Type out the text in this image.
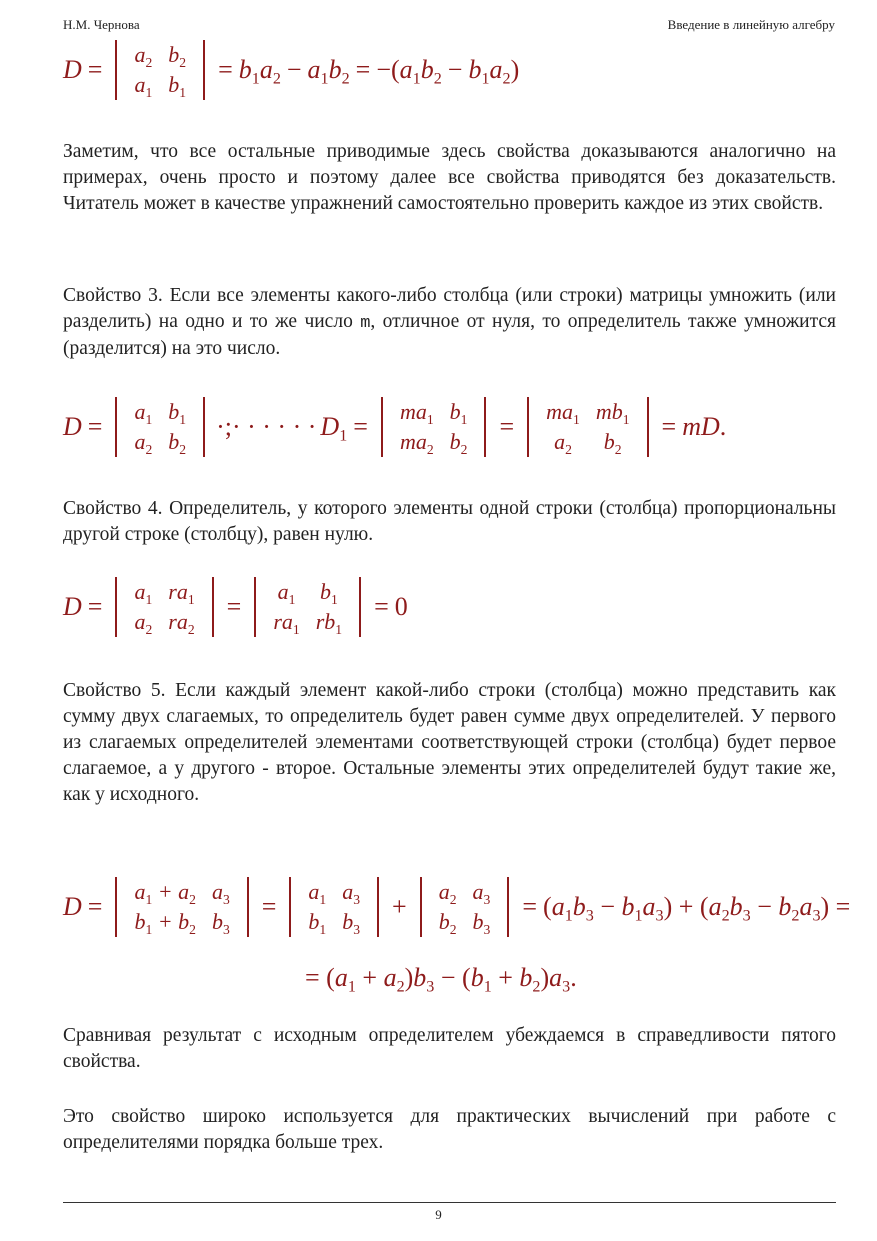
Н.М. Чернова	Введение в линейную алгебру
D =
$a_2$	$b_2$
$a_1$	$b_1$
= $b_1a_2 - a_1b_2$ = −( $a_1b_2 - b_1a_2$ )
Заметим, что все остальные приводимые здесь свойства доказываются аналогично на примерах, очень просто и поэтому далее все свойства приводятся без доказательств. Читатель может в качестве упражнений самостоятельно проверить каждое из этих свойств.
Свойство 3. Если все элементы какого-либо столбца (или строки) матрицы умножить (или разделить) на одно и то же число m, отличное от нуля, то определитель также умножится (разделится) на это число.
D =
$a_1$	$b_1$
$a_2$	$b_2$
·;· · · · · · $D_1$ =
$ma_1$	$b_1$
$ma_2$	$b_2$
=
$ma_1$	$mb_1$
$a_2$	$b_2$
= mD .
Свойство 4. Определитель, у которого элементы одной строки (столбца) пропорциональны другой строке (столбцу), равен нулю.
D =
$a_1$	$ra_1$
$a_2$	$ra_2$
=
$a_1$	$b_1$
$ra_1$	$rb_1$
= 0
Свойство 5. Если каждый элемент какой-либо строки (столбца) можно представить как сумму двух слагаемых, то определитель будет равен сумме двух определителей. У первого из слагаемых определителей элементами соответствующей строки (столбца) будет первое слагаемое, а у другого - второе. Остальные элементы этих определителей будут такие же, как у исходного.
D =
$a_1 + a_2$	$a_3$
$b_1 + b_2$	$b_3$
=
$a_1$	$a_3$
$b_1$	$b_3$
+
$a_2$	$a_3$
$b_2$	$b_3$
= $(a_1b_3 - b_1a_3) + (a_2b_3 - b_2a_3)$ =
= $(a_1 + a_2)b_3 - (b_1 + b_2)a_3$.
Сравнивая результат с исходным определителем убеждаемся в справедливости пятого свойства.
Это свойство широко используется для практических вычислений при работе с определителями порядка больше трех.
9
